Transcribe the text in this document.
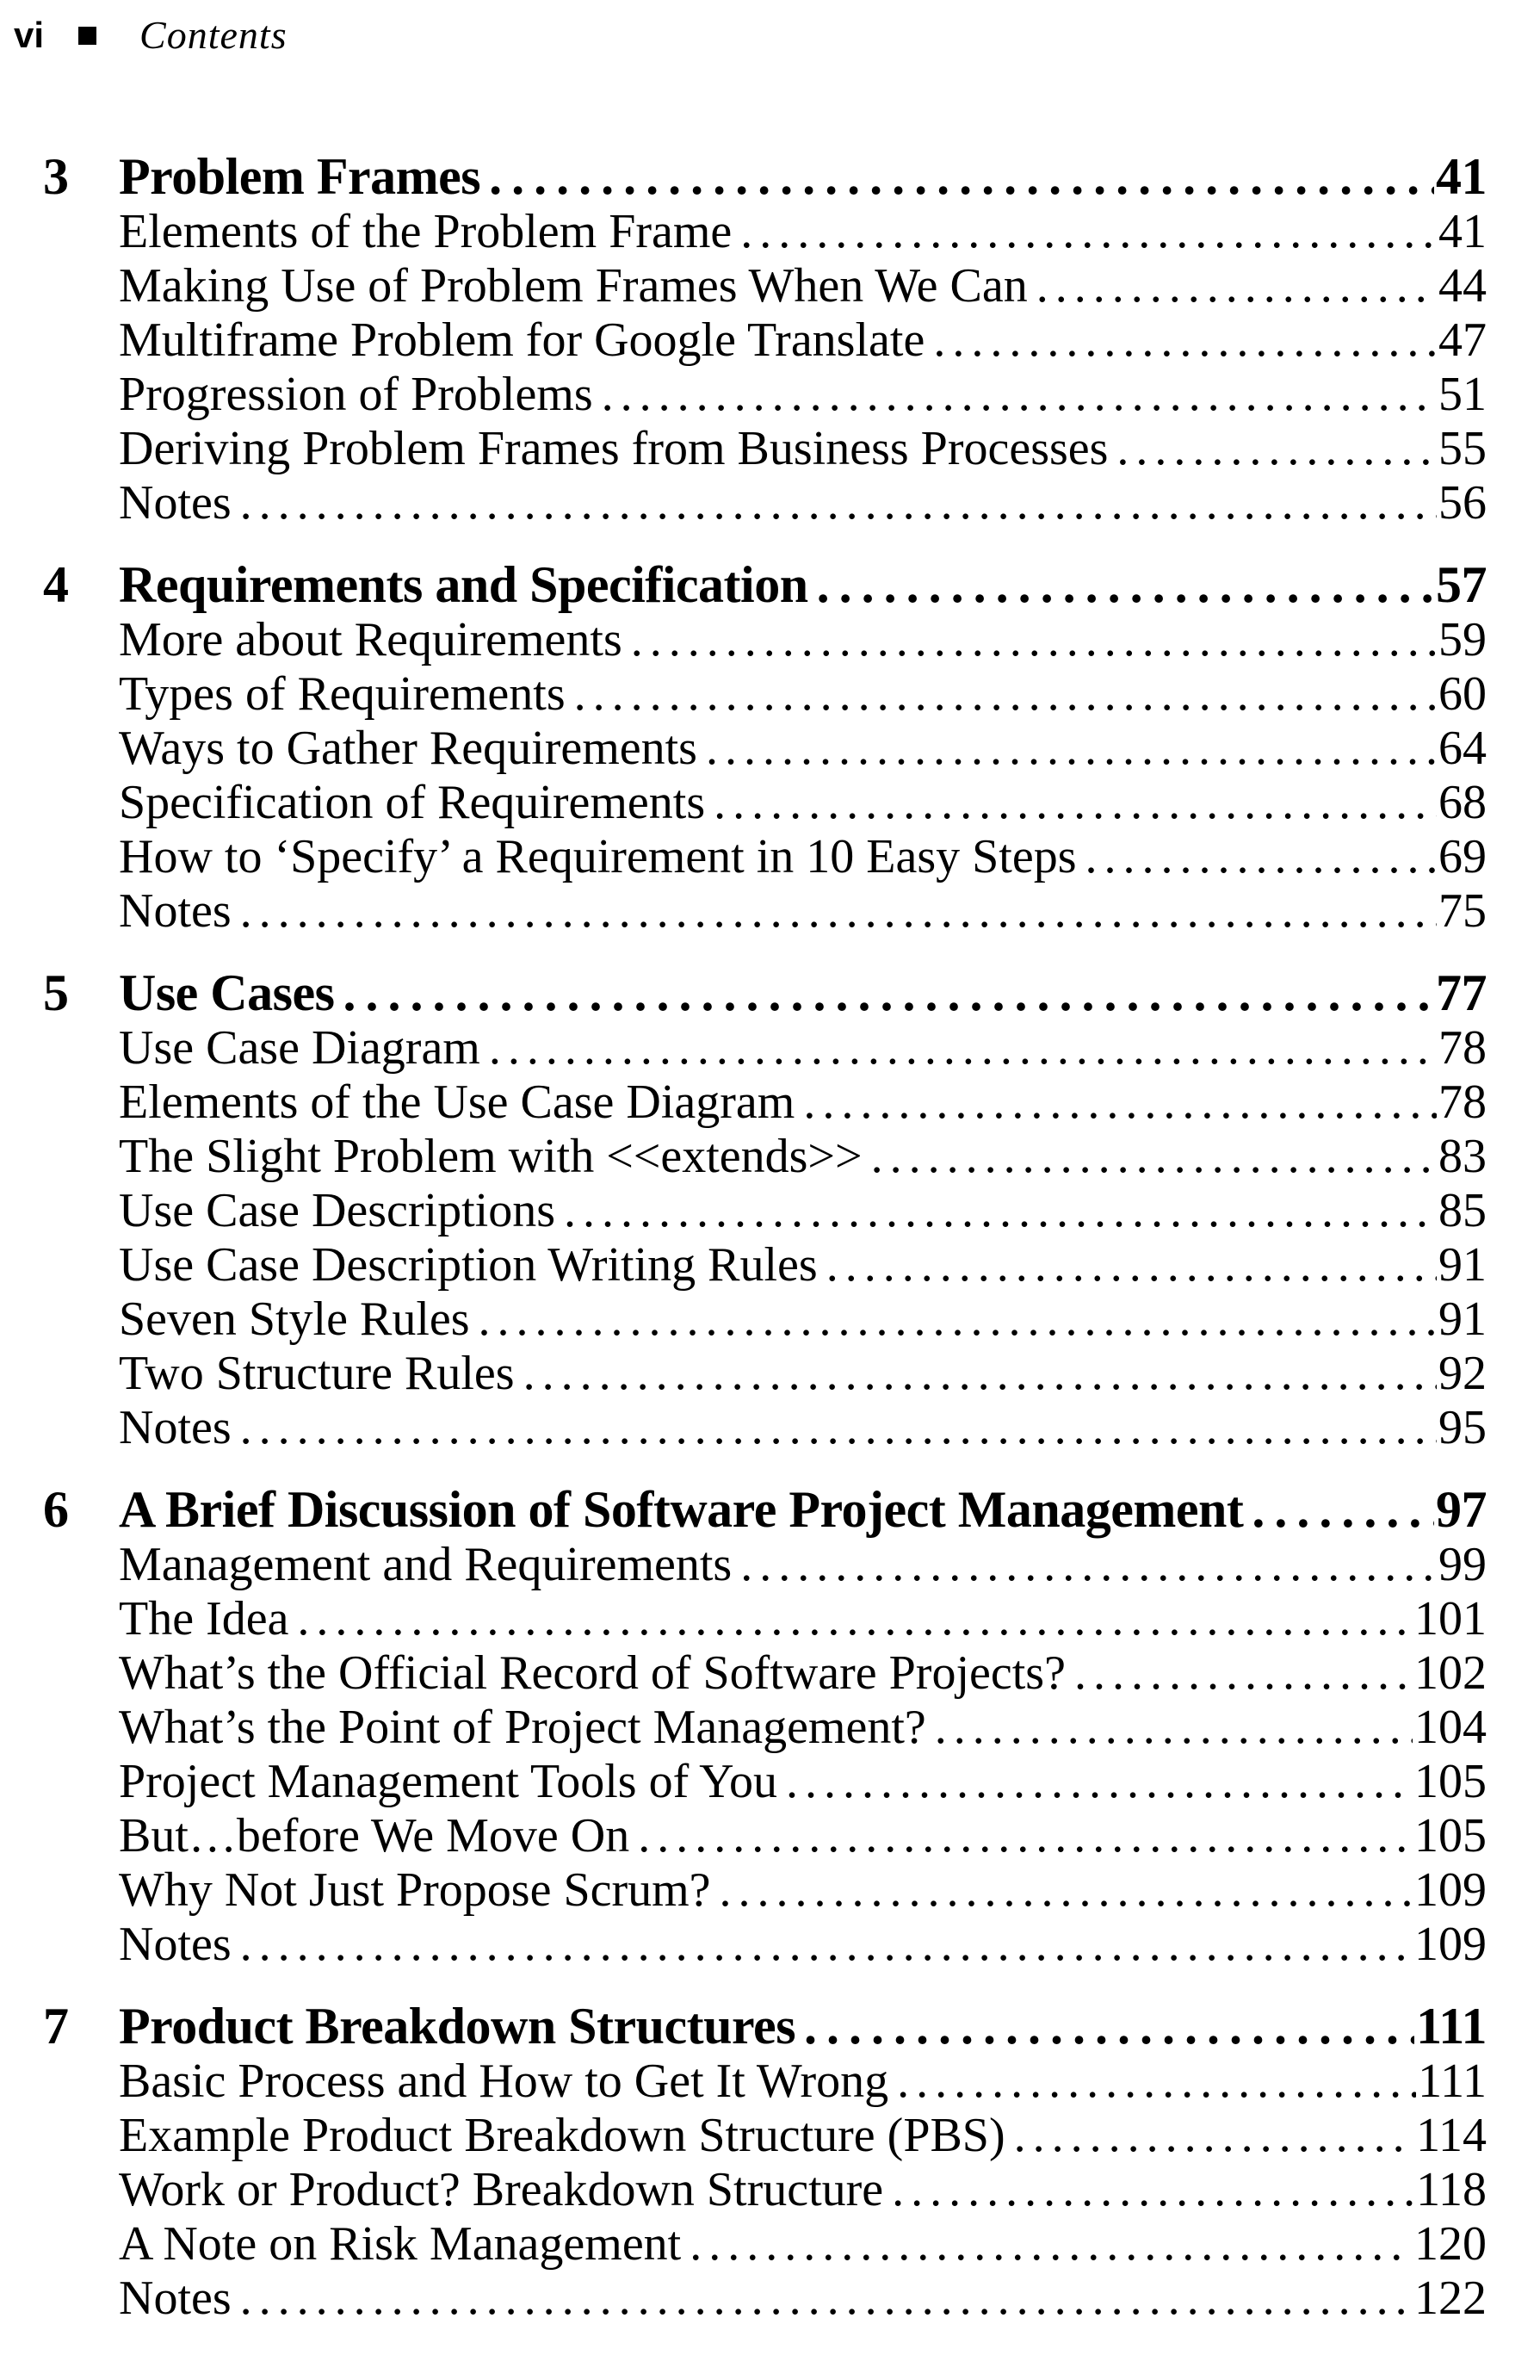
vi Contents
3 Problem Frames .....	41
Elements of the Problem Frame .....	41
Making Use of Problem Frames When We Can .....	44
Multiframe Problem for Google Translate .....	47
Progression of Problems .....	51
Deriving Problem Frames from Business Processes .....	55
Notes .....	56
4 Requirements and Specification .....	57
More about Requirements .....	59
Types of Requirements .....	60
Ways to Gather Requirements .....	64
Specification of Requirements .....	68
How to ‘Specify’ a Requirement in 10 Easy Steps .....	69
Notes .....	75
5 Use Cases .....	77
Use Case Diagram .....	78
Elements of the Use Case Diagram .....	78
The Slight Problem with <<extends>> .....	83
Use Case Descriptions .....	85
Use Case Description Writing Rules .....	91
Seven Style Rules .....	91
Two Structure Rules .....	92
Notes .....	95
6 A Brief Discussion of Software Project Management .....	97
Management and Requirements .....	99
The Idea .....	101
What’s the Official Record of Software Projects? .....	102
What’s the Point of Project Management? .....	104
Project Management Tools of You .....	105
But…before We Move On .....	105
Why Not Just Propose Scrum? .....	109
Notes .....	109
7 Product Breakdown Structures .....	111
Basic Process and How to Get It Wrong .....	111
Example Product Breakdown Structure (PBS) .....	114
Work or Product? Breakdown Structure .....	118
A Note on Risk Management .....	120
Notes .....	122
